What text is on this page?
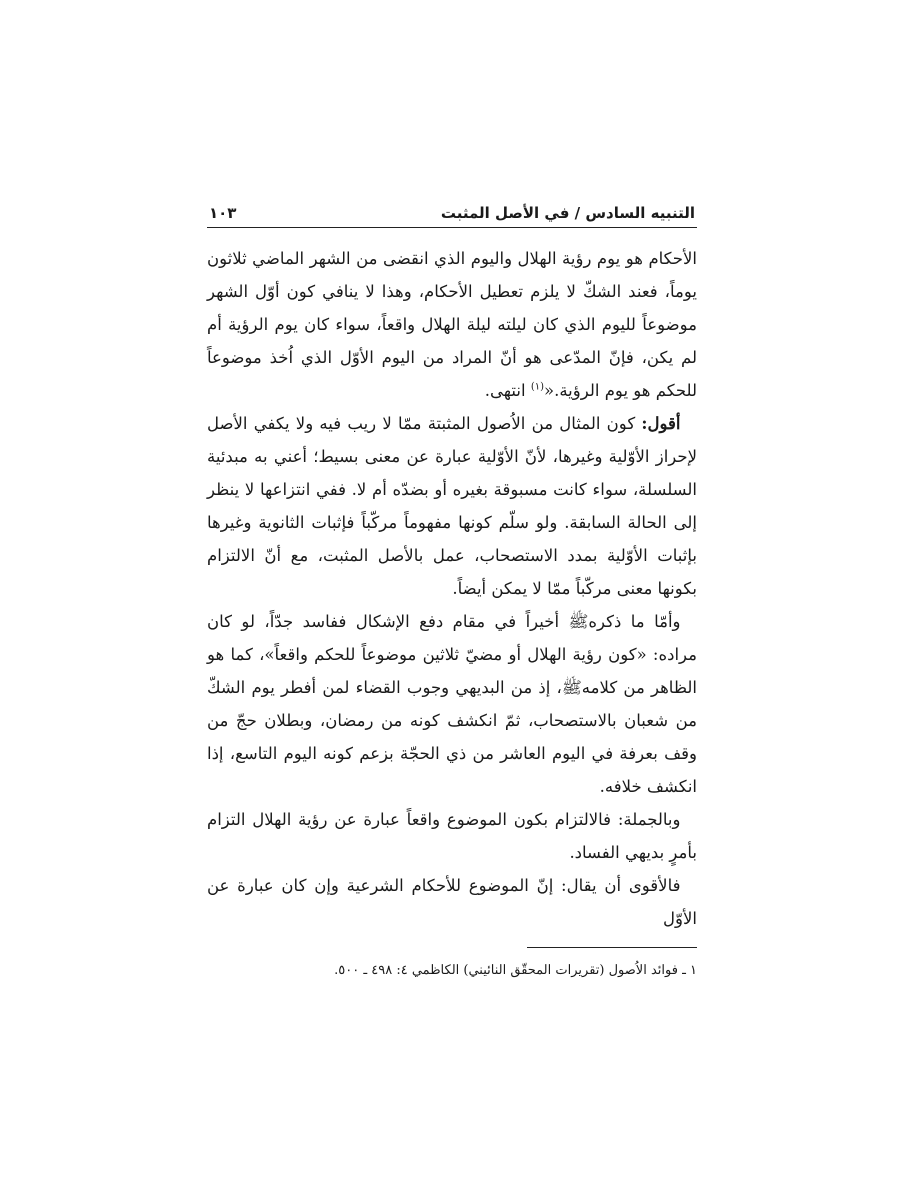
التنبيه السادس / في الأصل المثبت
١٠٣

الأحكام هو يوم رؤية الهلال واليوم الذي انقضى من الشهر الماضي ثلاثون يوماً، فعند الشكّ لا يلزم تعطيل الأحكام، وهذا لا ينافي كون أوّل الشهر موضوعاً لليوم الذي كان ليلته ليلة الهلال واقعاً، سواء كان يوم الرؤية أم لم يكن، فإنّ المدّعى هو أنّ المراد من اليوم الأوّل الذي اُخذ موضوعاً للحكم هو يوم الرؤية.«$^{(١)}$ انتهى.

 أقول: كون المثال من الاُصول المثبتة ممّا لا ريب فيه ولا يكفي الأصل لإحراز الأوّلية وغيرها، لأنّ الأوّلية عبارة عن معنى بسيط؛ أعني به مبدئية السلسلة، سواء كانت مسبوقة بغيره أو بضدّه أم لا. ففي انتزاعها لا ينظر إلى الحالة السابقة. ولو سلّم كونها مفهوماً مركّباً فإثبات الثانوية وغيرها بإثبات الأوّلية بمدد الاستصحاب، عمل بالأصل المثبت، مع أنّ الالتزام بكونها معنى مركّباً ممّا لا يمكن أيضاً.

 وأمّا ما ذكرهﷺ أخيراً في مقام دفع الإشكال ففاسد جدّاً، لو كان مراده: «كون رؤية الهلال أو مضيّ ثلاثين موضوعاً للحكم واقعاً»، كما هو الظاهر من كلامهﷺ، إذ من البديهي وجوب القضاء لمن أفطر يوم الشكّ من شعبان بالاستصحاب، ثمّ انكشف كونه من رمضان، وبطلان حجّ من وقف بعرفة في اليوم العاشر من ذي الحجّة بزعم كونه اليوم التاسع، إذا انكشف خلافه.

 وبالجملة: فالالتزام بكون الموضوع واقعاً عبارة عن رؤية الهلال التزام بأمرٍ بديهي الفساد.

 فالأقوى أن يقال: إنّ الموضوع للأحكام الشرعية وإن كان عبارة عن الأوّل

١ ـ فوائد الاُصول (تقريرات المحقّق النائيني) الكاظمي ٤: ٤٩٨ ـ ٥٠٠.
